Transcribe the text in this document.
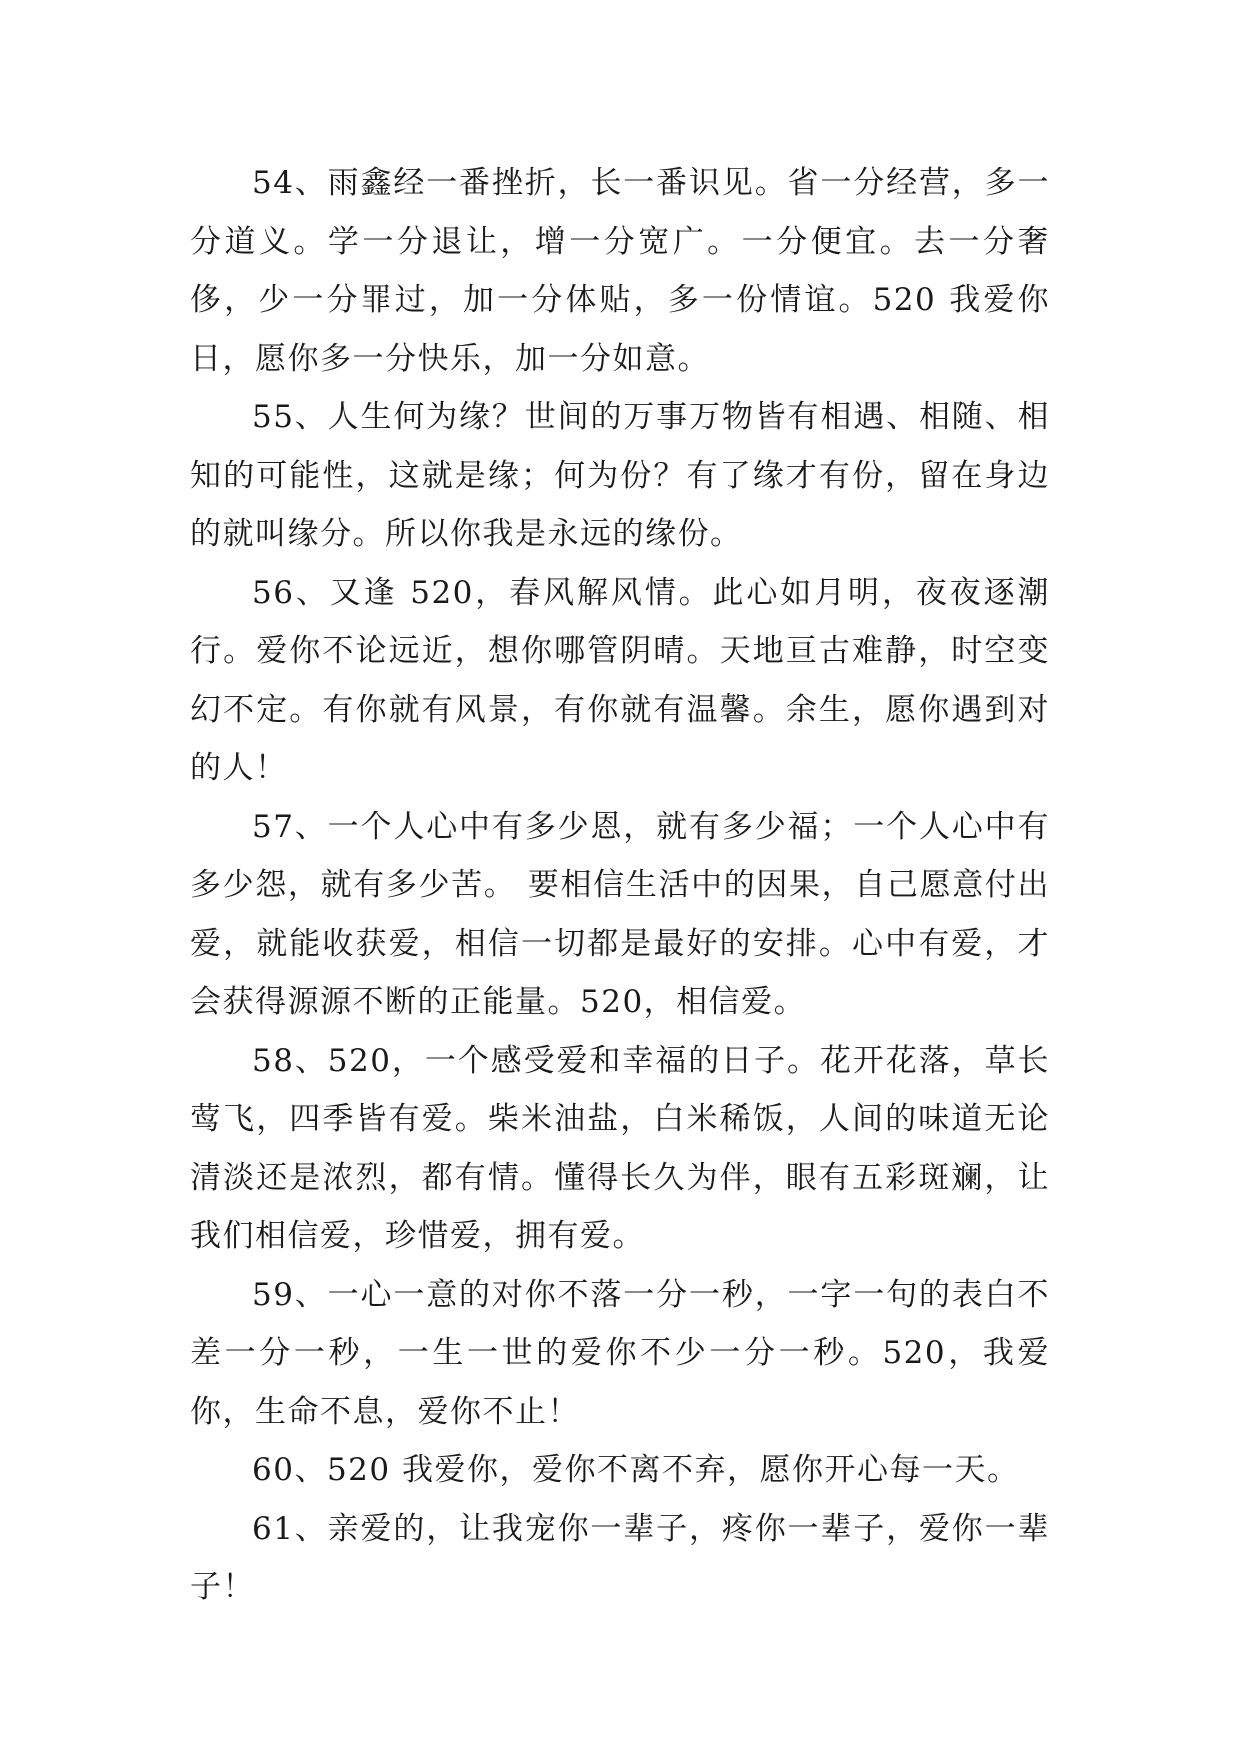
54、雨鑫经一番挫折，长一番识见。省一分经营，多一分道义。学一分退让，增一分宽广。一分便宜。去一分奢侈，少一分罪过，加一分体贴，多一份情谊。520 我爱你日，愿你多一分快乐，加一分如意。

55、人生何为缘？世间的万事万物皆有相遇、相随、相知的可能性，这就是缘；何为份？有了缘才有份，留在身边的就叫缘分。所以你我是永远的缘份。

56、又逢 520，春风解风情。此心如月明，夜夜逐潮行。爱你不论远近，想你哪管阴晴。天地亘古难静，时空变幻不定。有你就有风景，有你就有温馨。余生，愿你遇到对的人！

57、一个人心中有多少恩，就有多少福；一个人心中有多少怨，就有多少苦。 要相信生活中的因果，自己愿意付出爱，就能收获爱，相信一切都是最好的安排。心中有爱，才会获得源源不断的正能量。520，相信爱。

58、520，一个感受爱和幸福的日子。花开花落，草长莺飞，四季皆有爱。柴米油盐，白米稀饭，人间的味道无论清淡还是浓烈，都有情。懂得长久为伴，眼有五彩斑斓，让我们相信爱，珍惜爱，拥有爱。

59、一心一意的对你不落一分一秒，一字一句的表白不差一分一秒，一生一世的爱你不少一分一秒。520，我爱你，生命不息，爱你不止！

60、520 我爱你，爱你不离不弃，愿你开心每一天。

61、亲爱的，让我宠你一辈子，疼你一辈子，爱你一辈子！
